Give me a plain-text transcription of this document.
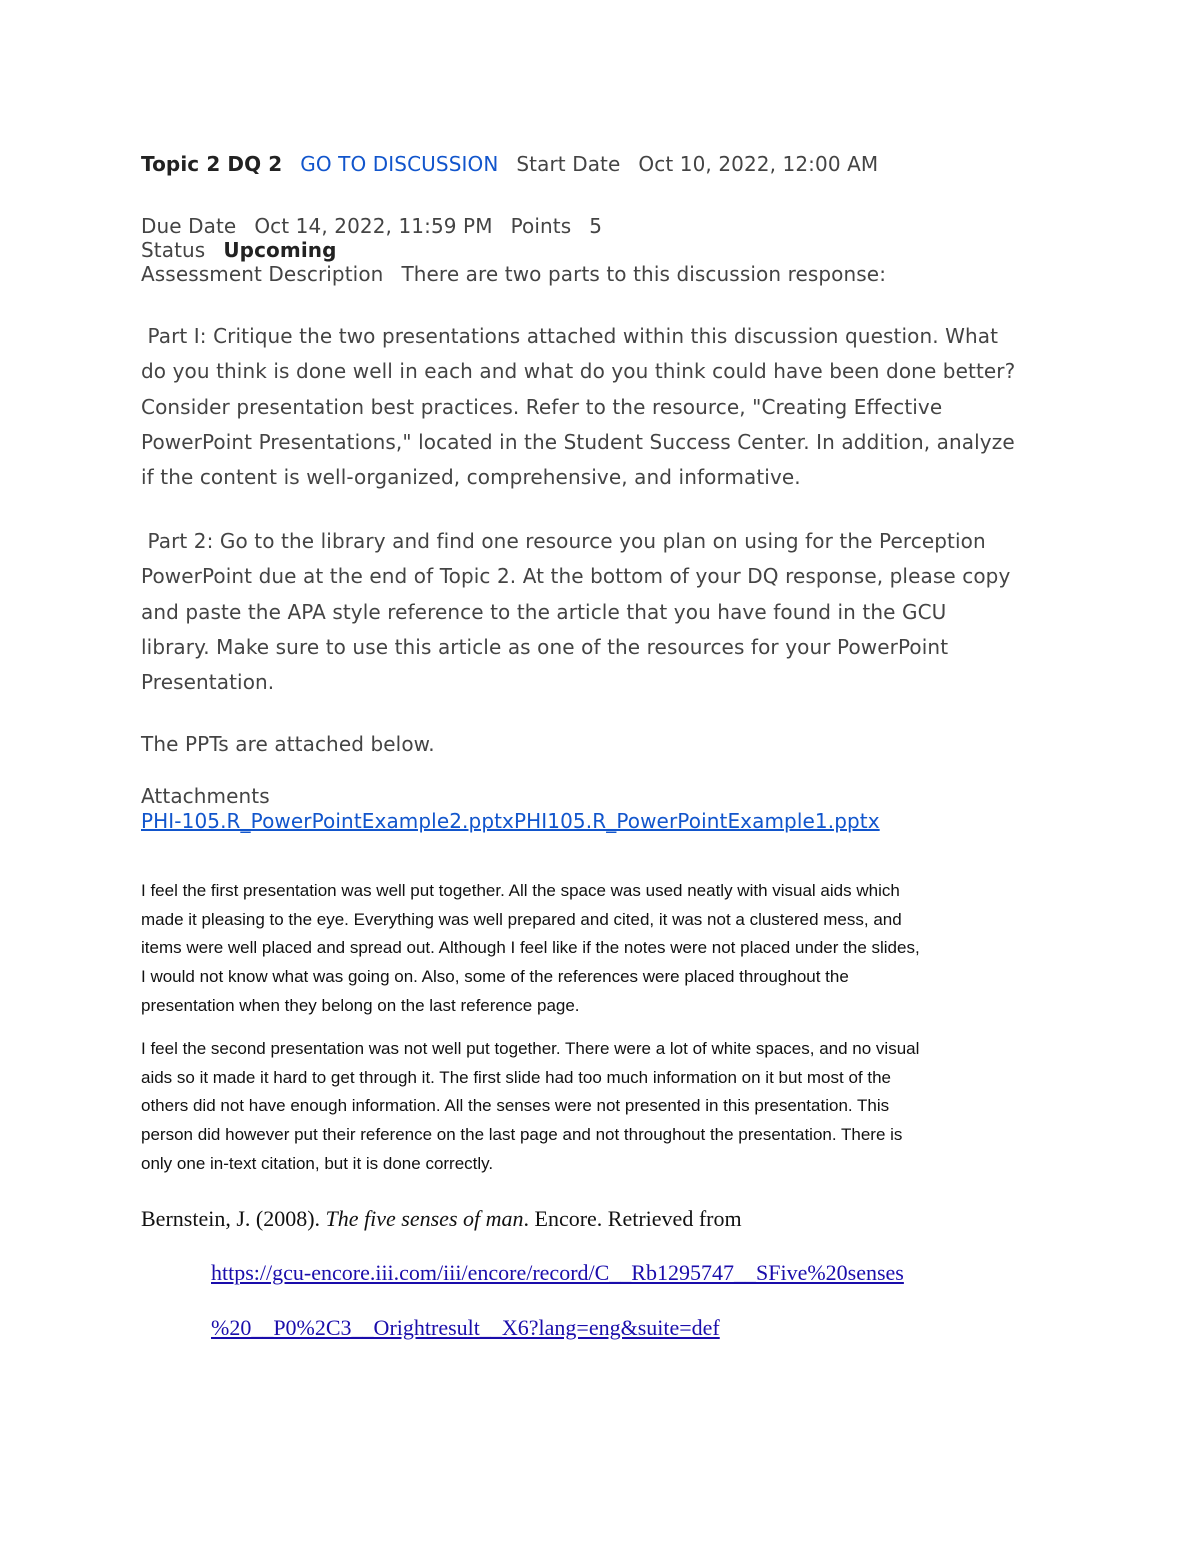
Topic 2 DQ 2 GO TO DISCUSSION Start Date Oct 10, 2022, 12:00 AM
Due Date Oct 14, 2022, 11:59 PM Points 5
Status Upcoming
Assessment Description There are two parts to this discussion response:
Part I: Critique the two presentations attached within this discussion question. What
do you think is done well in each and what do you think could have been done better?
Consider presentation best practices. Refer to the resource, "Creating Effective
PowerPoint Presentations," located in the Student Success Center. In addition, analyze
if the content is well-organized, comprehensive, and informative.
Part 2: Go to the library and find one resource you plan on using for the Perception
PowerPoint due at the end of Topic 2. At the bottom of your DQ response, please copy
and paste the APA style reference to the article that you have found in the GCU
library. Make sure to use this article as one of the resources for your PowerPoint
Presentation.
The PPTs are attached below.
Attachments
PHI-105.R_PowerPointExample2.pptxPHI105.R_PowerPointExample1.pptx
I feel the first presentation was well put together. All the space was used neatly with visual aids which
made it pleasing to the eye. Everything was well prepared and cited, it was not a clustered mess, and
items were well placed and spread out. Although I feel like if the notes were not placed under the slides,
I would not know what was going on. Also, some of the references were placed throughout the
presentation when they belong on the last reference page.
I feel the second presentation was not well put together. There were a lot of white spaces, and no visual
aids so it made it hard to get through it. The first slide had too much information on it but most of the
others did not have enough information. All the senses were not presented in this presentation. This
person did however put their reference on the last page and not throughout the presentation. There is
only one in-text citation, but it is done correctly.
Bernstein, J. (2008). The five senses of man. Encore. Retrieved from
https://gcu-encore.iii.com/iii/encore/record/C__Rb1295747__SFive%20senses
%20__P0%2C3__Orightresult__X6?lang=eng&suite=def
